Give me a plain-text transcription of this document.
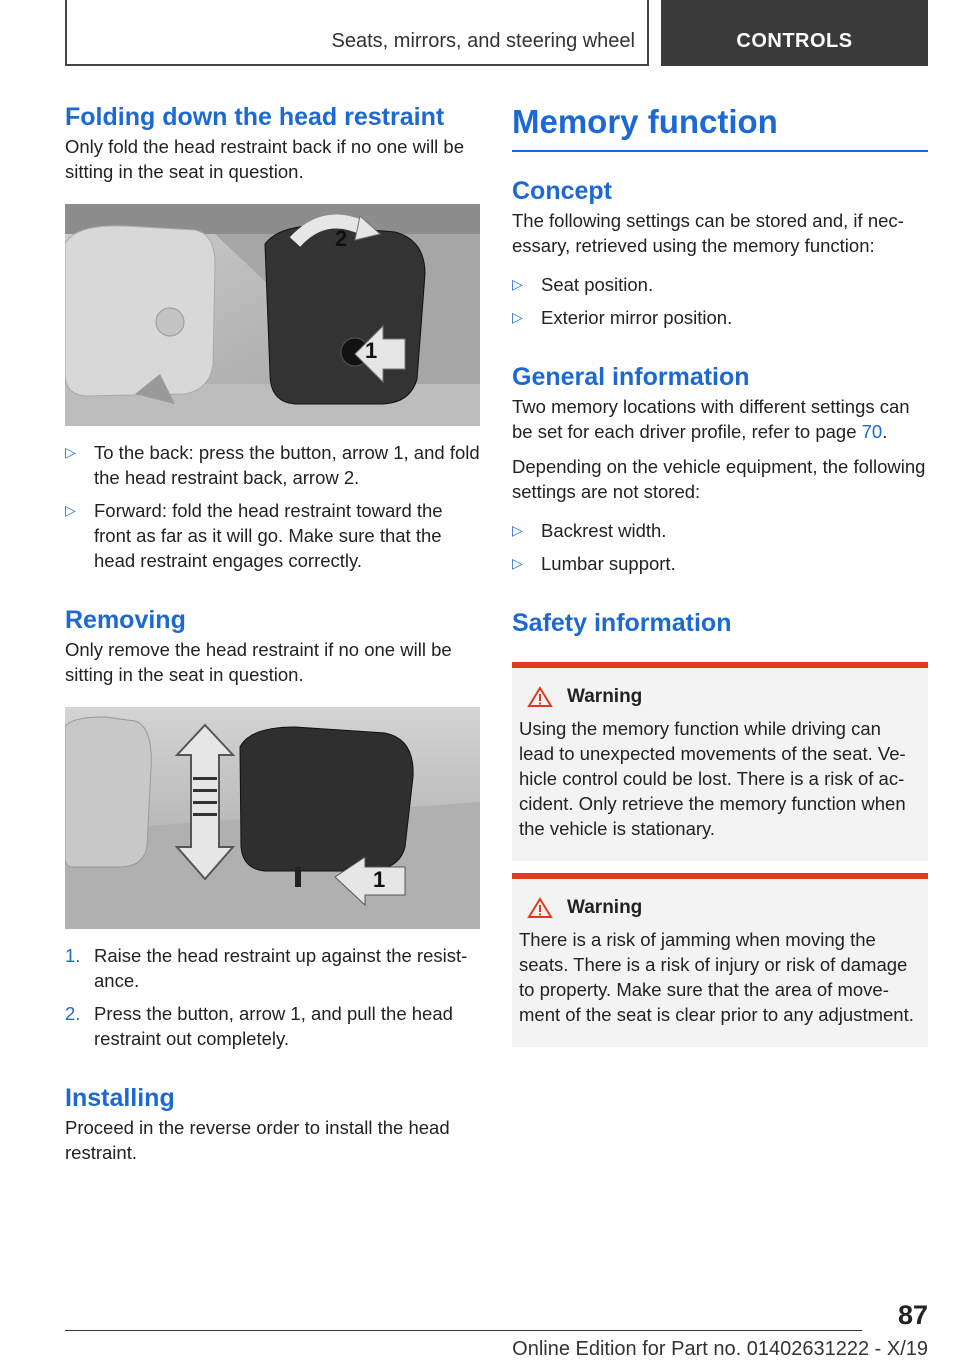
Seats, mirrors, and steering wheel	CONTROLS
Folding down the head restraint
Only fold the head restraint back if no one will be sitting in the seat in question.
2
1
▷ To the back: press the button, arrow 1, and fold the head restraint back, arrow 2.
▷ Forward: fold the head restraint toward the front as far as it will go. Make sure that the head restraint engages correctly.
Removing
Only remove the head restraint if no one will be sitting in the seat in question.
1
1. Raise the head restraint up against the resistance.
2. Press the button, arrow 1, and pull the head restraint out completely.
Installing
Proceed in the reverse order to install the head restraint.
Memory function
Concept
The following settings can be stored and, if necessary, retrieved using the memory function:
▷ Seat position.
▷ Exterior mirror position.
General information
Two memory locations with different settings can be set for each driver profile, refer to page 70.
Depending on the vehicle equipment, the following settings are not stored:
▷ Backrest width.
▷ Lumbar support.
Safety information
Warning
Using the memory function while driving can lead to unexpected movements of the seat. Vehicle control could be lost. There is a risk of accident. Only retrieve the memory function when the vehicle is stationary.
Warning
There is a risk of jamming when moving the seats. There is a risk of injury or risk of damage to property. Make sure that the area of movement of the seat is clear prior to any adjustment.
87
Online Edition for Part no. 01402631222 - X/19
